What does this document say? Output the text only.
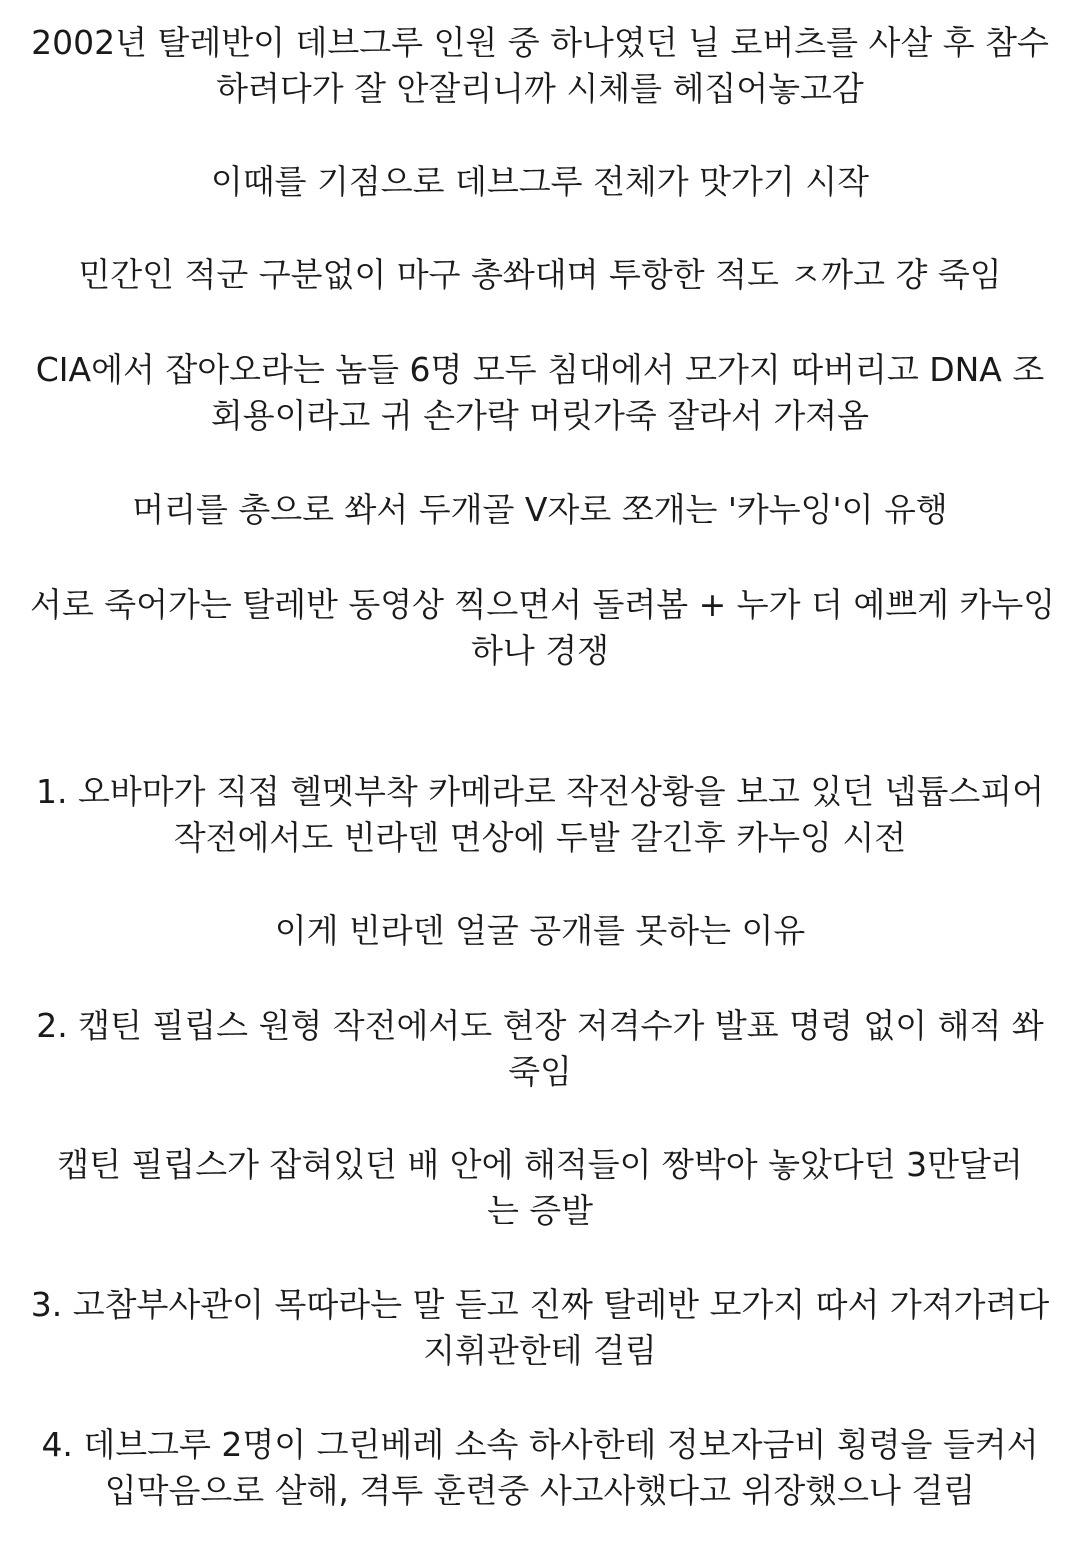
2002년 탈레반이 데브그루 인원 중 하나였던 닐 로버츠를 사살 후 참수
하려다가 잘 안잘리니까 시체를 헤집어놓고감
이때를 기점으로 데브그루 전체가 맛가기 시작
민간인 적군 구분없이 마구 총쏴대며 투항한 적도 ㅈ까고 걍 죽임
CIA에서 잡아오라는 놈들 6명 모두 침대에서 모가지 따버리고 DNA 조
회용이라고 귀 손가락 머릿가죽 잘라서 가져옴
머리를 총으로 쏴서 두개골 V자로 쪼개는 '카누잉'이 유행
서로 죽어가는 탈레반 동영상 찍으면서 돌려봄 + 누가 더 예쁘게 카누잉
하나 경쟁
1. 오바마가 직접 헬멧부착 카메라로 작전상황을 보고 있던 넵튭스피어
작전에서도 빈라덴 면상에 두발 갈긴후 카누잉 시전
이게 빈라덴 얼굴 공개를 못하는 이유
2. 캡틴 필립스 원형 작전에서도 현장 저격수가 발표 명령 없이 해적 쏴
죽임
캡틴 필립스가 잡혀있던 배 안에 해적들이 짱박아 놓았다던 3만달러
는 증발
3. 고참부사관이 목따라는 말 듣고 진짜 탈레반 모가지 따서 가져가려다
지휘관한테 걸림
4. 데브그루 2명이 그린베레 소속 하사한테 정보자금비 횡령을 들켜서
입막음으로 살해, 격투 훈련중 사고사했다고 위장했으나 걸림
